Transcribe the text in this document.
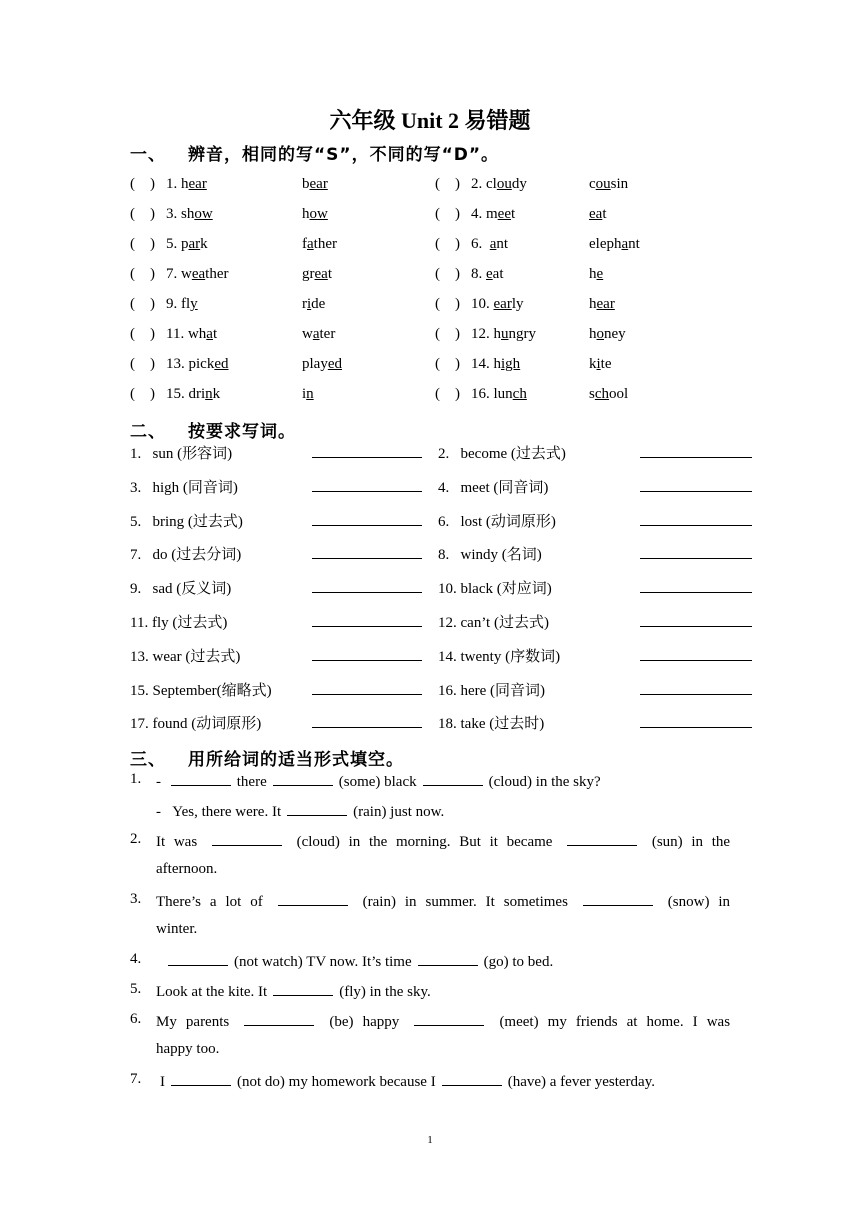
六年级 Unit 2 易错题
一、 辨音，相同的写“S”，不同的写“D”。
(    ) 1. hear	bear	(    ) 2. cloudy	cousin
(    ) 3. show	how	(    ) 4. meet	eat
(    ) 5. park	father	(    ) 6. ant	elephant
(    ) 7. weather	great	(    ) 8. eat	he
(    ) 9. fly	ride	(    ) 10. early	hear
(    ) 11. what	water	(    ) 12. hungry	honey
(    ) 13. picked	played	(    ) 14. high	kite
(    ) 15. drink	in	(    ) 16. lunch	school
二、 按要求写词。
1.   sun (形容词)	2.   become (过去式)
3.   high (同音词)	4.   meet (同音词)
5.   bring (过去式)	6.   lost (动词原形)
7.   do (过去分词)	8.   windy (名词)
9.   sad (反义词)	10. black (对应词)
11. fly (过去式)	12. can’t (过去式)
13. wear (过去式)	14. twenty (序数词)
15. September(缩略式)	16. here (同音词)
17. found (动词原形)	18. take (过去时)
三、 用所给词的适当形式填空。
1. -	there	(some) black	(cloud) in the sky?
- Yes, there were. It	(rain) just now.
2. It was	(cloud) in the morning. But it became	(sun) in the
afternoon.
3. There’s a lot of	(rain) in summer. It sometimes	(snow) in
winter.
4.	(not watch) TV now. It’s time	(go) to bed.
5. Look at the kite. It	(fly) in the sky.
6. My parents	(be) happy	(meet) my friends at home. I was
happy too.
7. I	(not do) my homework because I	(have) a fever yesterday.
1
